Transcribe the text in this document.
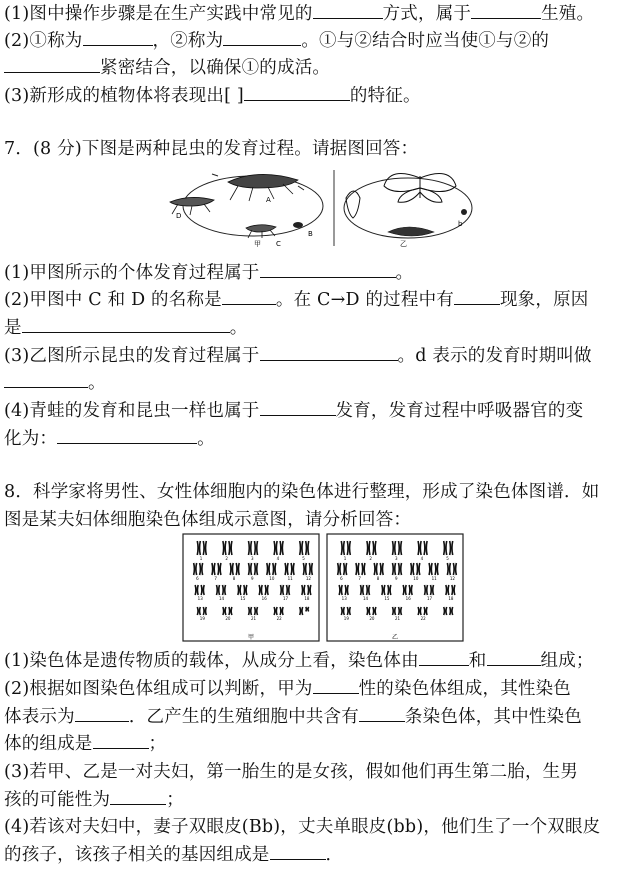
(1)图中操作步骤是在生产实践中常见的	方式，属于	生殖。
(2)①称为	，②称为	。①与②结合时应当使①与②的
紧密结合，以确保①的成活。
(3)新形成的植物体将表现出[ ]	的特征。
7．(8 分)下图是两种昆虫的发育过程。请据图回答：
A
B
C
D
甲
b
乙
(1)甲图所示的个体发育过程属于	。
(2)甲图中 C 和 D 的名称是	。在 C→D 的过程中有	现象，原因
是	。
(3)乙图所示昆虫的发育过程属于	。d 表示的发育时期叫做
。
(4)青蛙的发育和昆虫一样也属于	发育，发育过程中呼吸器官的变
化为：	。
8．科学家将男性、女性体细胞内的染色体进行整理，形成了染色体图谱．如
图是某夫妇体细胞染色体组成示意图，请分析回答：
1	2	3	4	5
6	7	8	9	10	11	12
13	14	15	16	17	18
19	20	21	22
1	2	3	4	5
6	7	8	9	10	11	12
13	14	15	16	17	18
19	20	21	22
甲	乙
(1)染色体是遗传物质的载体，从成分上看，染色体由	和	组成；
(2)根据如图染色体组成可以判断，甲为	性的染色体组成，其性染色
体表示为	．乙产生的生殖细胞中共含有	条染色体，其中性染色
体的组成是	；
(3)若甲、乙是一对夫妇，第一胎生的是女孩，假如他们再生第二胎，生男
孩的可能性为	；
(4)若该对夫妇中，妻子双眼皮(Bb)，丈夫单眼皮(bb)，他们生了一个双眼皮
的孩子，该孩子相关的基因组成是	．
